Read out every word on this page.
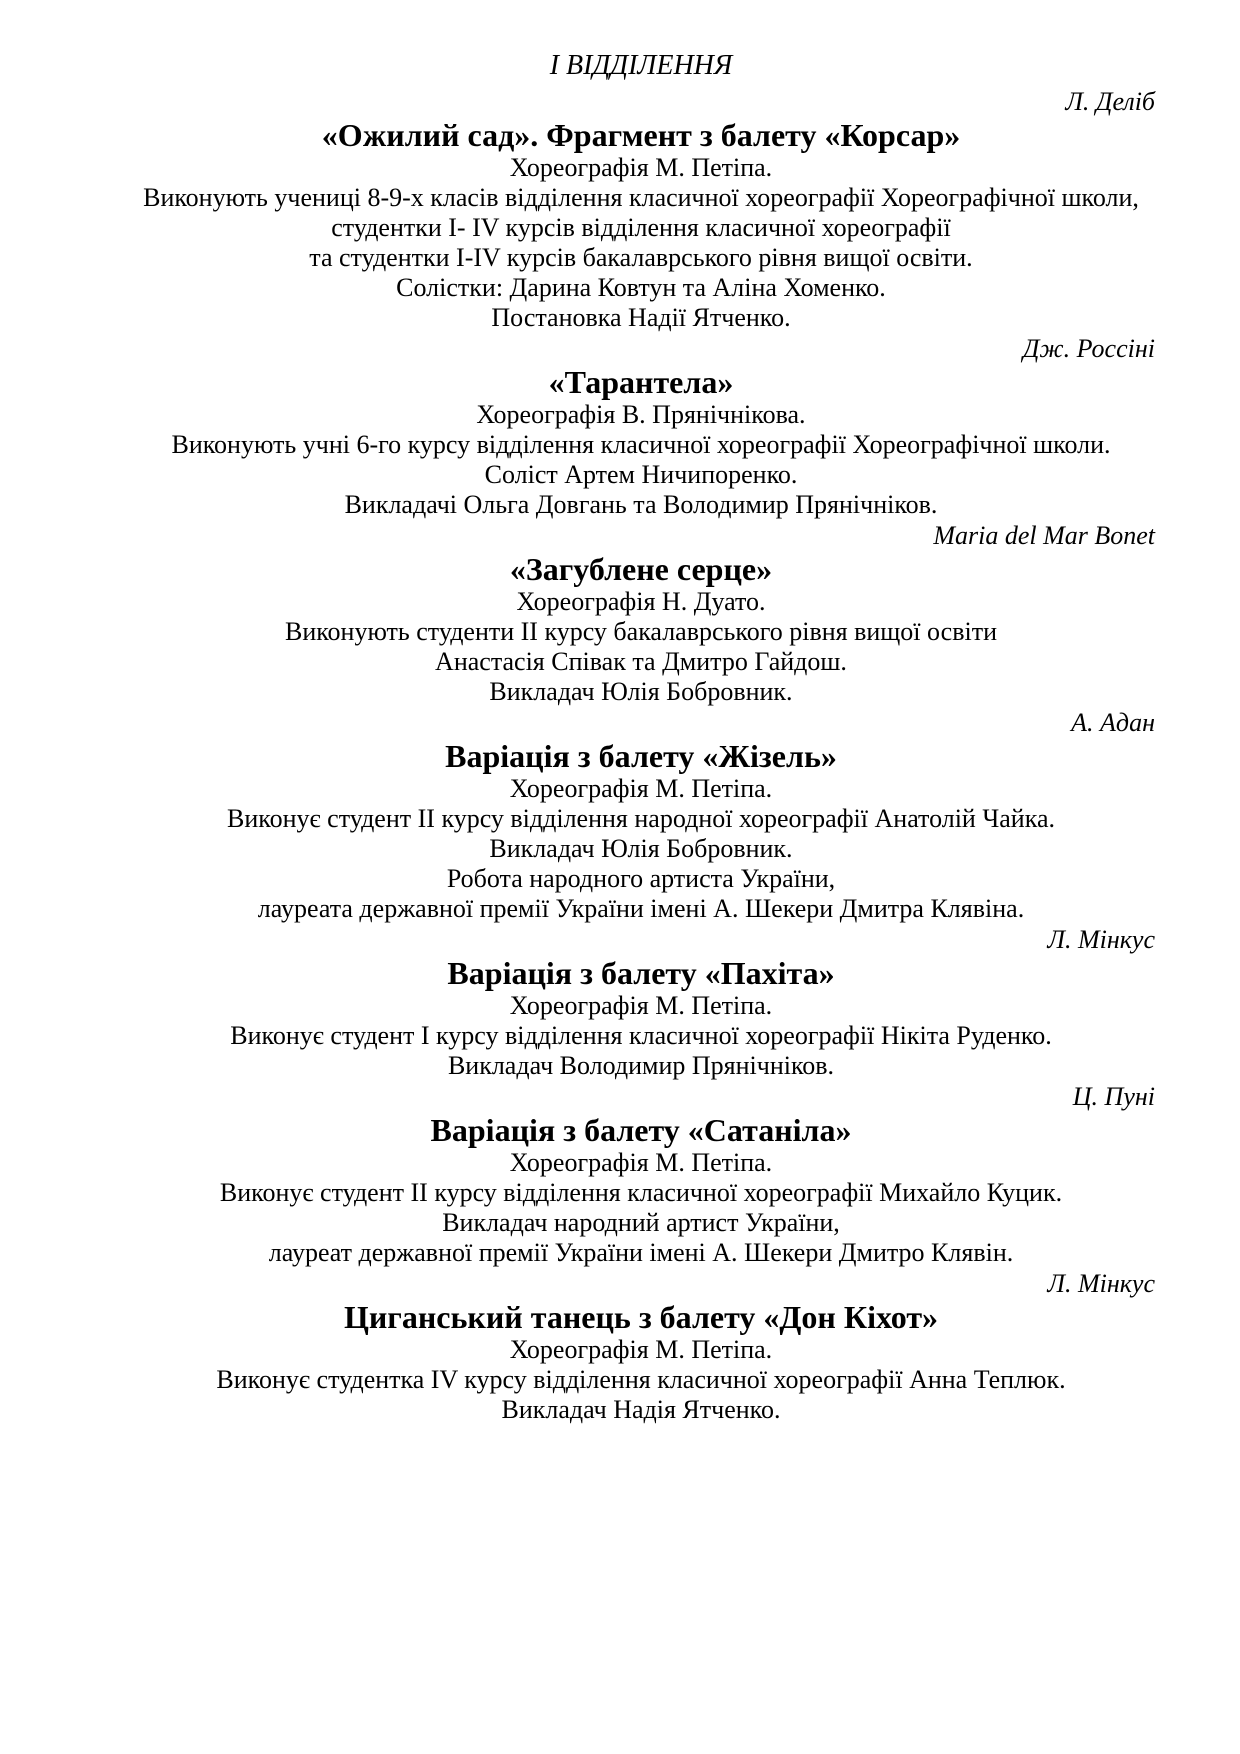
І ВІДДІЛЕННЯ
Л. Деліб
«Ожилий сад». Фрагмент з балету «Корсар»

Хореографія М. Петіпа.

Виконують учениці 8-9-х класів відділення класичної хореографії Хореографічної школи,

студентки І- IV курсів відділення класичної хореографії

та студентки І-IV курсів бакалаврського рівня вищої освіти.

Солістки: Дарина Ковтун та Аліна Хоменко.

Постановка Надії Ятченко.

Дж. Россіні
«Тарантела»

Хореографія В. Прянічнікова.

Виконують учні 6-го курсу відділення класичної хореографії Хореографічної школи.

Соліст Артем Ничипоренко.

Викладачі Ольга Довгань та Володимир Прянічніков.

Maria del Mar Bonet
«Загублене серце»

Хореографія Н. Дуато.

Виконують студенти ІІ курсу бакалаврського рівня вищої освіти

Анастасія Співак та Дмитро Гайдош.

Викладач Юлія Бобровник.

А. Адан
Варіація з балету «Жізель»

Хореографія М. Петіпа.

Виконує студент ІІ курсу відділення народної хореографії Анатолій Чайка.

Викладач Юлія Бобровник.

Робота народного артиста України,

лауреата державної премії України імені А. Шекери Дмитра Клявіна.

Л. Мінкус
Варіація з балету «Пахіта»

Хореографія М. Петіпа.

Виконує студент І курсу відділення класичної хореографії Нікіта Руденко.

Викладач Володимир Прянічніков.

Ц. Пуні
Варіація з балету «Сатаніла»

Хореографія М. Петіпа.

Виконує студент ІІ курсу відділення класичної хореографії Михайло Куцик.

Викладач народний артист України,

лауреат державної премії України імені А. Шекери Дмитро Клявін.

Л. Мінкус
Циганський танець з балету «Дон Кіхот»

Хореографія М. Петіпа.

Виконує студентка IV курсу відділення класичної хореографії Анна Теплюк.

Викладач Надія Ятченко.
